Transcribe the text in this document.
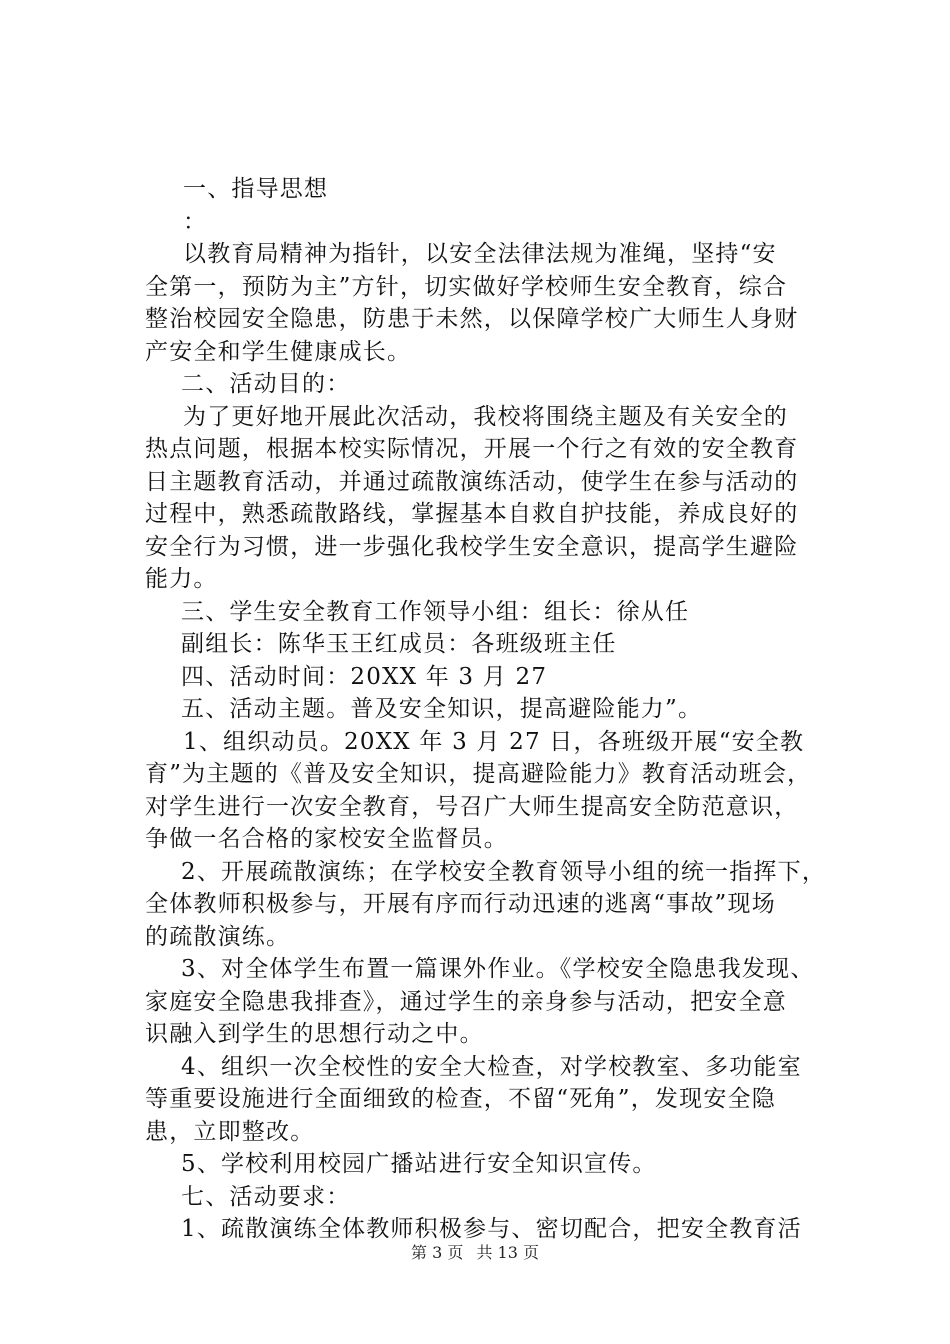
一、指导思想
：
以教育局精神为指针，以安全法律法规为准绳，坚持“安
全第一，预防为主”方针，切实做好学校师生安全教育，综合
整治校园安全隐患，防患于未然，以保障学校广大师生人身财
产安全和学生健康成长。
二、活动目的：
为了更好地开展此次活动，我校将围绕主题及有关安全的
热点问题，根据本校实际情况，开展一个行之有效的安全教育
日主题教育活动，并通过疏散演练活动，使学生在参与活动的
过程中，熟悉疏散路线，掌握基本自救自护技能，养成良好的
安全行为习惯，进一步强化我校学生安全意识，提高学生避险
能力。
三、学生安全教育工作领导小组：组长：徐从任
副组长：陈华玉王红成员：各班级班主任
四、活动时间：20XX 年 3 月 27
五、活动主题。普及安全知识，提高避险能力”。
1、组织动员。20XX 年 3 月 27 日，各班级开展“安全教
育”为主题的《普及安全知识，提高避险能力》教育活动班会，
对学生进行一次安全教育，号召广大师生提高安全防范意识，
争做一名合格的家校安全监督员。
2、开展疏散演练；在学校安全教育领导小组的统一指挥下，
全体教师积极参与，开展有序而行动迅速的逃离“事故”现场
的疏散演练。
3、对全体学生布置一篇课外作业。《学校安全隐患我发现、
家庭安全隐患我排查》，通过学生的亲身参与活动，把安全意
识融入到学生的思想行动之中。
4、组织一次全校性的安全大检查，对学校教室、多功能室
等重要设施进行全面细致的检查，不留“死角”，发现安全隐
患，立即整改。
5、学校利用校园广播站进行安全知识宣传。
七、活动要求：
1、疏散演练全体教师积极参与、密切配合，把安全教育活
第 3 页 共 13 页
